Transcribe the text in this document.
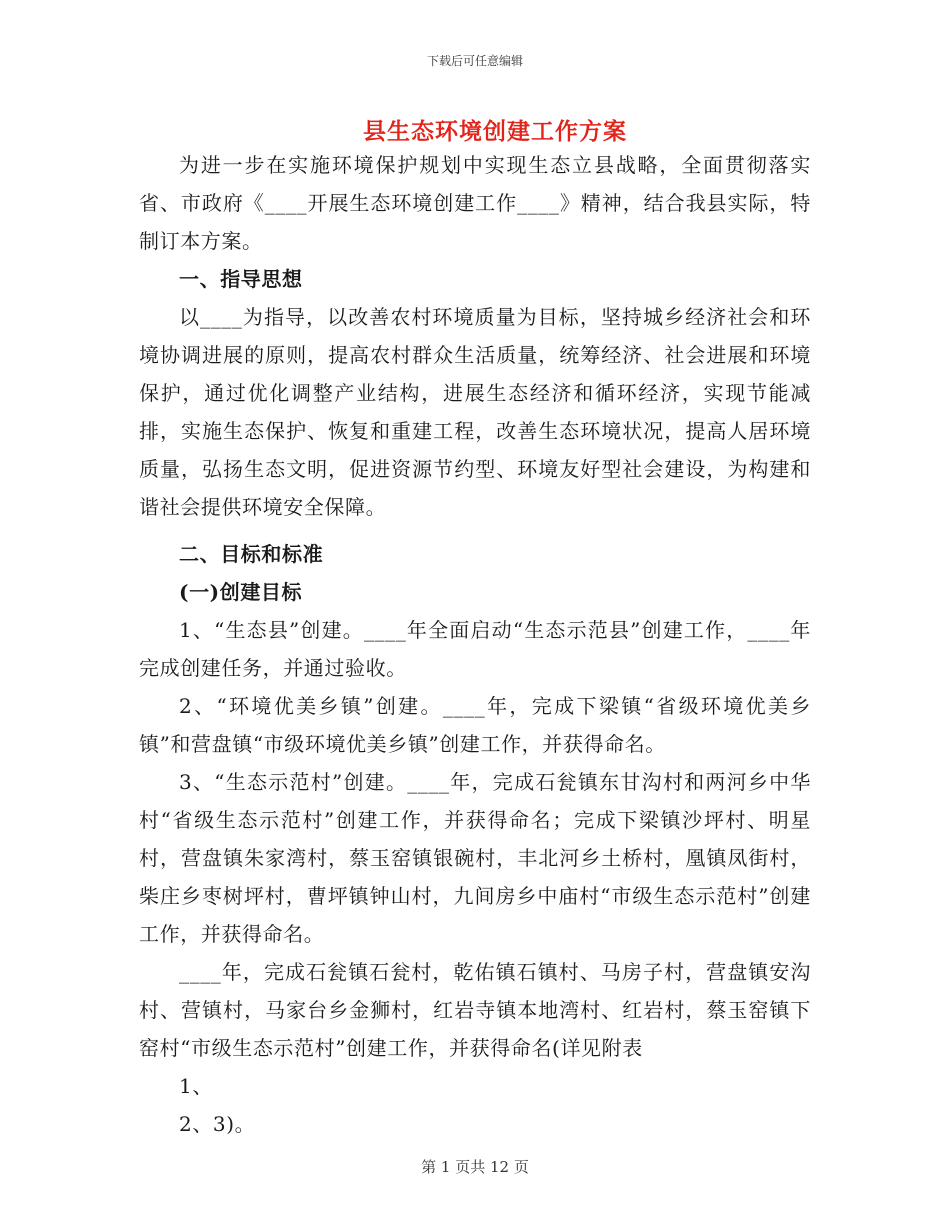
下载后可任意编辑
县生态环境创建工作方案

为进一步在实施环境保护规划中实现生态立县战略，全面贯彻落实省、市政府《____开展生态环境创建工作____》精神，结合我县实际，特制订本方案。

一、指导思想

以____为指导，以改善农村环境质量为目标，坚持城乡经济社会和环境协调进展的原则，提高农村群众生活质量，统筹经济、社会进展和环境保护，通过优化调整产业结构，进展生态经济和循环经济，实现节能减排，实施生态保护、恢复和重建工程，改善生态环境状况，提高人居环境质量，弘扬生态文明，促进资源节约型、环境友好型社会建设，为构建和谐社会提供环境安全保障。

二、目标和标准

(一)创建目标

1、“生态县”创建。____年全面启动“生态示范县”创建工作，____年完成创建任务，并通过验收。

2、“环境优美乡镇”创建。____年，完成下梁镇“省级环境优美乡镇”和营盘镇“市级环境优美乡镇”创建工作，并获得命名。

3、“生态示范村”创建。____年，完成石瓮镇东甘沟村和两河乡中华村“省级生态示范村”创建工作，并获得命名；完成下梁镇沙坪村、明星村，营盘镇朱家湾村，蔡玉窑镇银碗村，丰北河乡土桥村，凰镇凤街村，柴庄乡枣树坪村，曹坪镇钟山村，九间房乡中庙村“市级生态示范村”创建工作，并获得命名。

____年，完成石瓮镇石瓮村，乾佑镇石镇村、马房子村，营盘镇安沟村、营镇村，马家台乡金狮村，红岩寺镇本地湾村、红岩村，蔡玉窑镇下窑村“市级生态示范村”创建工作，并获得命名(详见附表

1、

2、3)。

第 1 页共 12 页
